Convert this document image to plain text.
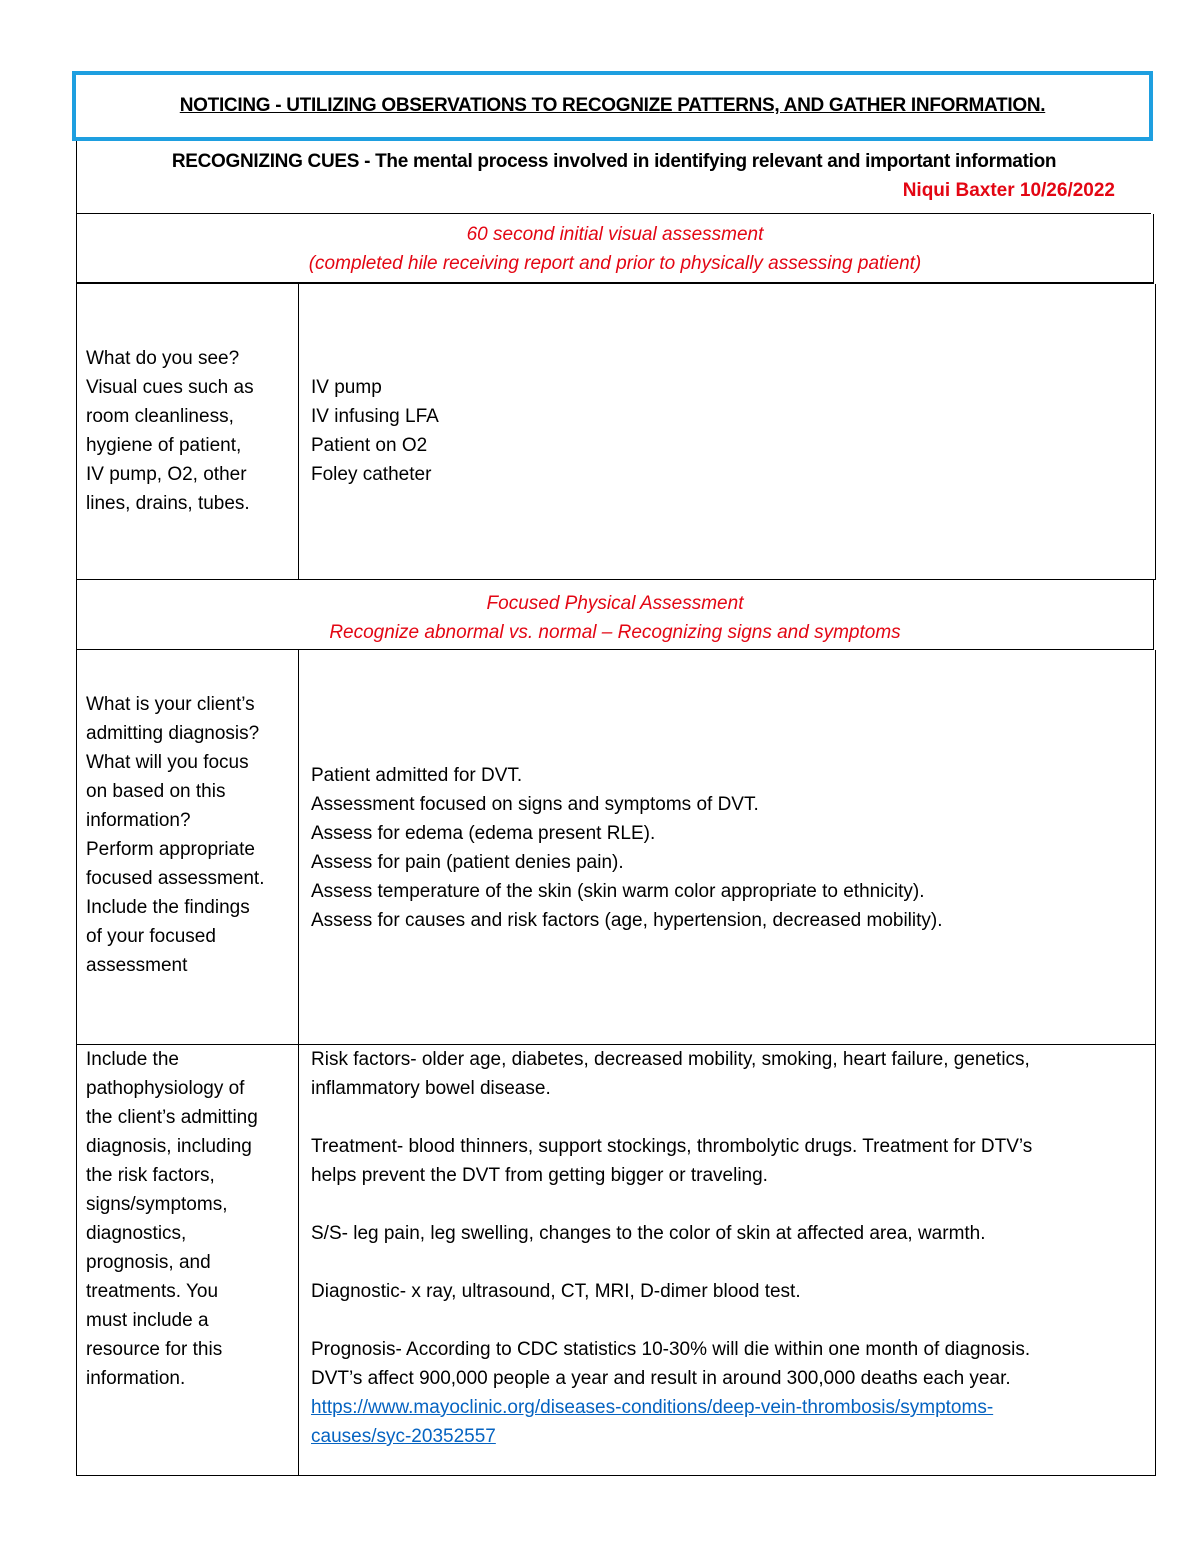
NOTICING - UTILIZING OBSERVATIONS TO RECOGNIZE PATTERNS, AND GATHER INFORMATION.
RECOGNIZING CUES - The mental process involved in identifying relevant and important information
Niqui Baxter 10/26/2022
60 second initial visual assessment
(completed hile receiving report and prior to physically assessing patient)
What do you see?
Visual cues such as
room cleanliness,
hygiene of patient,
IV pump, O2, other
lines, drains, tubes.
IV pump
IV infusing LFA
Patient on O2
Foley catheter
Focused Physical Assessment
Recognize abnormal vs. normal – Recognizing signs and symptoms
What is your client’s
admitting diagnosis?
What will you focus
on based on this
information?
Perform appropriate
focused assessment.
Include the findings
of your focused
assessment
Patient admitted for DVT.
Assessment focused on signs and symptoms of DVT.
Assess for edema (edema present RLE).
Assess for pain (patient denies pain).
Assess temperature of the skin (skin warm color appropriate to ethnicity).
Assess for causes and risk factors (age, hypertension, decreased mobility).
Include the
pathophysiology of
the client’s admitting
diagnosis, including
the risk factors,
signs/symptoms,
diagnostics,
prognosis, and
treatments. You
must include a
resource for this
information.
Risk factors- older age, diabetes, decreased mobility, smoking, heart failure, genetics,
inflammatory bowel disease.
Treatment- blood thinners, support stockings, thrombolytic drugs. Treatment for DTV’s
helps prevent the DVT from getting bigger or traveling.
S/S- leg pain, leg swelling, changes to the color of skin at affected area, warmth.
Diagnostic- x ray, ultrasound, CT, MRI, D-dimer blood test.
Prognosis- According to CDC statistics 10-30% will die within one month of diagnosis.
DVT’s affect 900,000 people a year and result in around 300,000 deaths each year.
https://www.mayoclinic.org/diseases-conditions/deep-vein-thrombosis/symptoms-
causes/syc-20352557
